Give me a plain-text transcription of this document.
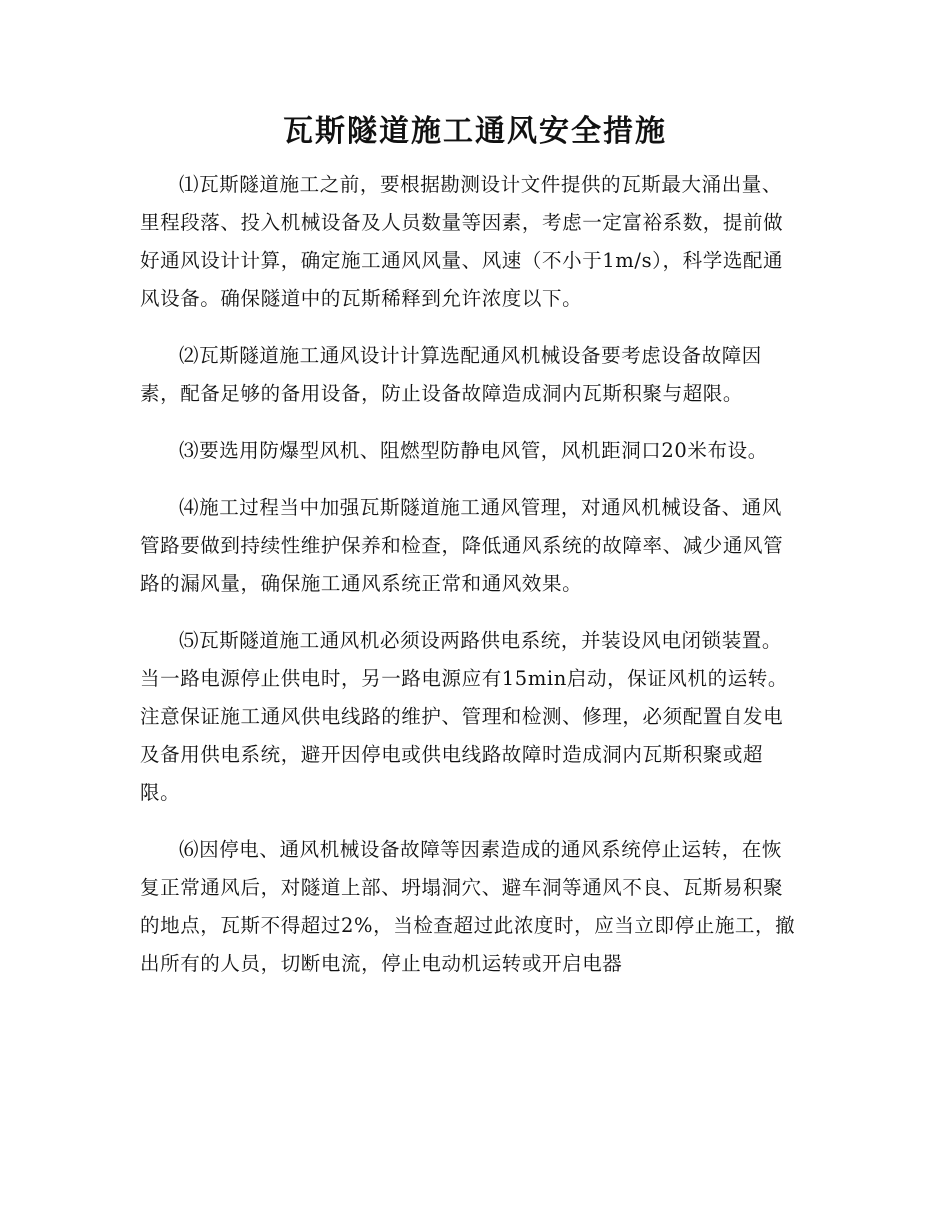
瓦斯隧道施工通风安全措施

⑴瓦斯隧道施工之前，要根据勘测设计文件提供的瓦斯最大涌出量、里程段落、投入机械设备及人员数量等因素，考虑一定富裕系数，提前做好通风设计计算，确定施工通风风量、风速（不小于1m/s），科学选配通风设备。确保隧道中的瓦斯稀释到允许浓度以下。

⑵瓦斯隧道施工通风设计计算选配通风机械设备要考虑设备故障因素，配备足够的备用设备，防止设备故障造成洞内瓦斯积聚与超限。

⑶要选用防爆型风机、阻燃型防静电风管，风机距洞口20米布设。

⑷施工过程当中加强瓦斯隧道施工通风管理，对通风机械设备、通风管路要做到持续性维护保养和检查，降低通风系统的故障率、减少通风管路的漏风量，确保施工通风系统正常和通风效果。

⑸瓦斯隧道施工通风机必须设两路供电系统，并装设风电闭锁装置。当一路电源停止供电时，另一路电源应有15min启动，保证风机的运转。注意保证施工通风供电线路的维护、管理和检测、修理，必须配置自发电及备用供电系统，避开因停电或供电线路故障时造成洞内瓦斯积聚或超限。

⑹因停电、通风机械设备故障等因素造成的通风系统停止运转，在恢复正常通风后，对隧道上部、坍塌洞穴、避车洞等通风不良、瓦斯易积聚的地点，瓦斯不得超过2%，当检查超过此浓度时，应当立即停止施工，撤出所有的人员，切断电流，停止电动机运转或开启电器
